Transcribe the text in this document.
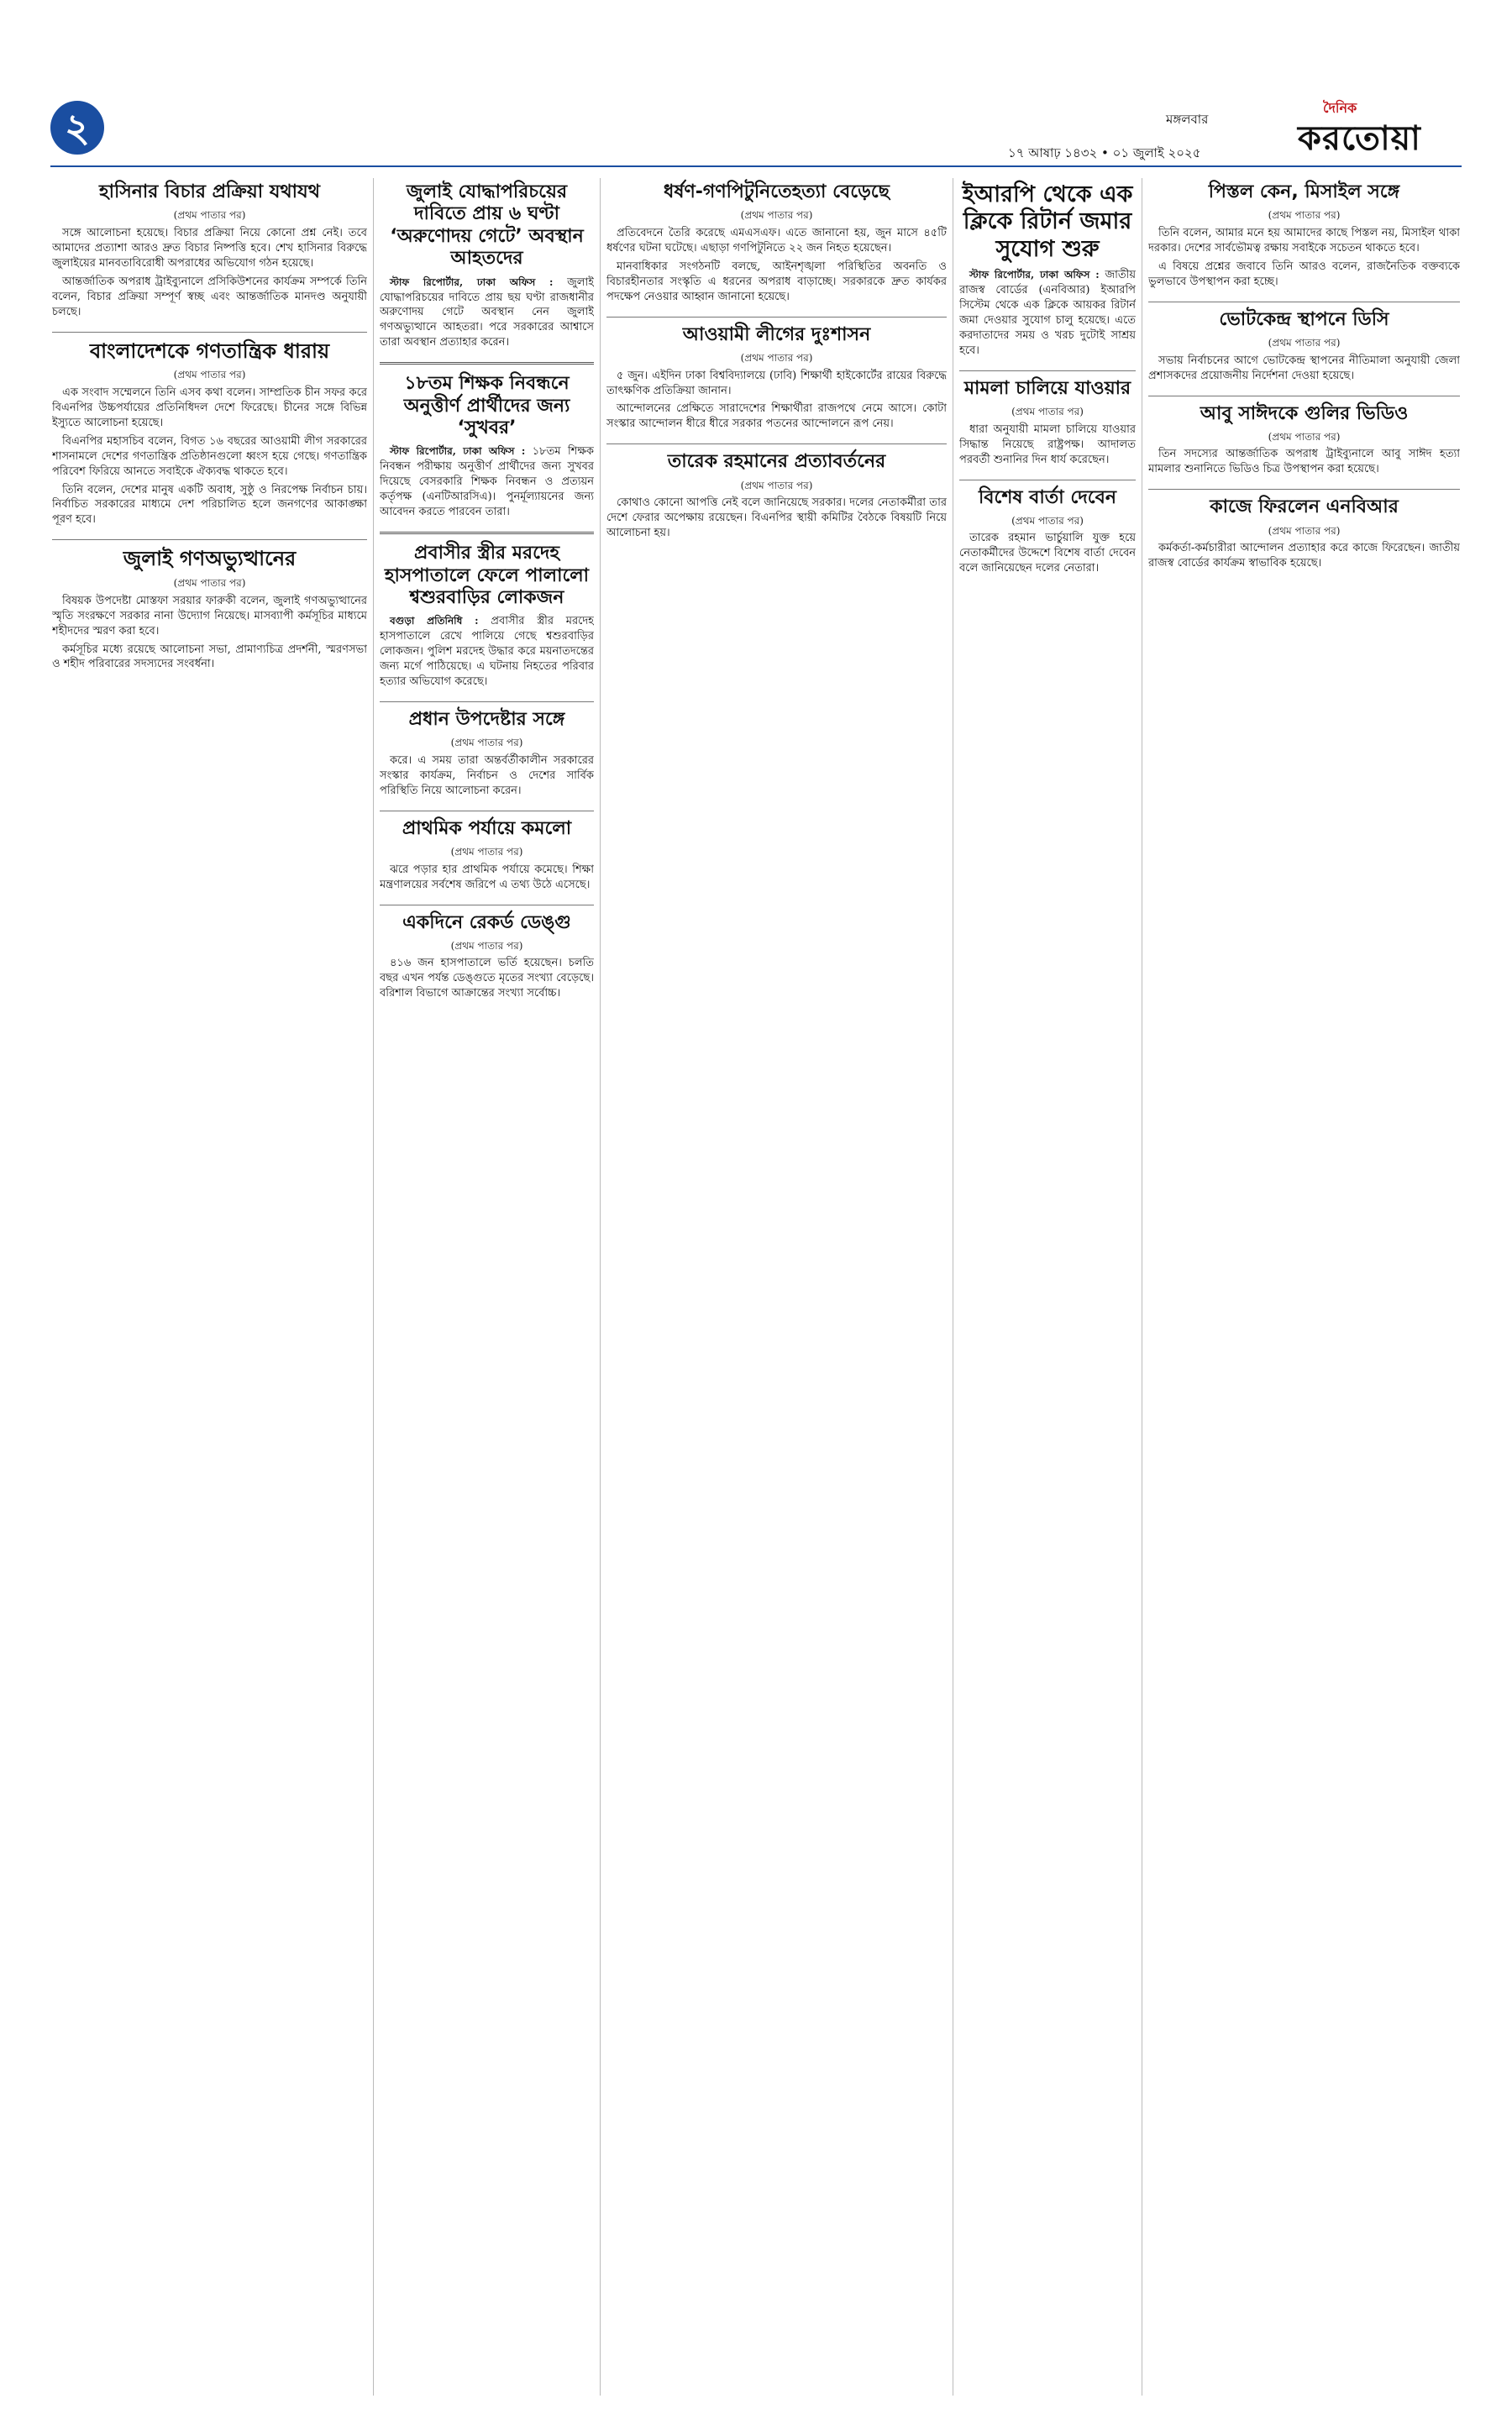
২	মঙ্গলবার
দৈনিক
করতোয়া
১৭ আষাঢ় ১৪৩২ • ০১ জুলাই ২০২৫
হাসিনার বিচার প্রক্রিয়া যথাযথ
(প্রথম পাতার পর)

সঙ্গে আলোচনা হয়েছে। বিচার প্রক্রিয়া নিয়ে কোনো প্রশ্ন নেই। তবে আমাদের প্রত্যাশা আরও দ্রুত বিচার নিষ্পত্তি হবে। শেখ হাসিনার বিরুদ্ধে জুলাইয়ের মানবতাবিরোধী অপরাধের অভিযোগ গঠন হয়েছে।

আন্তর্জাতিক অপরাধ ট্রাইব্যুনালে প্রসিকিউশনের কার্যক্রম সম্পর্কে তিনি বলেন, বিচার প্রক্রিয়া সম্পূর্ণ স্বচ্ছ এবং আন্তর্জাতিক মানদণ্ড অনুযায়ী চলছে।

বাংলাদেশকে গণতান্ত্রিক ধারায়
(প্রথম পাতার পর)

এক সংবাদ সম্মেলনে তিনি এসব কথা বলেন। সাম্প্রতিক চীন সফর করে বিএনপির উচ্চপর্যায়ের প্রতিনিধিদল দেশে ফিরেছে। চীনের সঙ্গে বিভিন্ন ইস্যুতে আলোচনা হয়েছে।

বিএনপির মহাসচিব বলেন, বিগত ১৬ বছরের আওয়ামী লীগ সরকারের শাসনামলে দেশের গণতান্ত্রিক প্রতিষ্ঠানগুলো ধ্বংস হয়ে গেছে। গণতান্ত্রিক পরিবেশ ফিরিয়ে আনতে সবাইকে ঐক্যবদ্ধ থাকতে হবে।

তিনি বলেন, দেশের মানুষ একটি অবাধ, সুষ্ঠু ও নিরপেক্ষ নির্বাচন চায়। নির্বাচিত সরকারের মাধ্যমে দেশ পরিচালিত হলে জনগণের আকাঙ্ক্ষা পূরণ হবে।

জুলাই গণঅভ্যুত্থানের
(প্রথম পাতার পর)

বিষয়ক উপদেষ্টা মোস্তফা সরয়ার ফারুকী বলেন, জুলাই গণঅভ্যুত্থানের স্মৃতি সংরক্ষণে সরকার নানা উদ্যোগ নিয়েছে। মাসব্যাপী কর্মসূচির মাধ্যমে শহীদদের স্মরণ করা হবে।

কর্মসূচির মধ্যে রয়েছে আলোচনা সভা, প্রামাণ্যচিত্র প্রদর্শনী, স্মরণসভা ও শহীদ পরিবারের সদস্যদের সংবর্ধনা।

জুলাই যোদ্ধাপরিচয়ের দাবিতে প্রায় ৬ ঘণ্টা ‘অরুণোদয় গেটে’ অবস্থান আহতদের

স্টাফ রিপোর্টার, ঢাকা অফিস : জুলাই যোদ্ধাপরিচয়ের দাবিতে প্রায় ছয় ঘণ্টা রাজধানীর অরুণোদয় গেটে অবস্থান নেন জুলাই গণঅভ্যুত্থানে আহতরা। পরে সরকারের আশ্বাসে তারা অবস্থান প্রত্যাহার করেন।

১৮তম শিক্ষক নিবন্ধনে অনুত্তীর্ণ প্রার্থীদের জন্য ‘সুখবর’

স্টাফ রিপোর্টার, ঢাকা অফিস : ১৮তম শিক্ষক নিবন্ধন পরীক্ষায় অনুত্তীর্ণ প্রার্থীদের জন্য সুখবর দিয়েছে বেসরকারি শিক্ষক নিবন্ধন ও প্রত্যয়ন কর্তৃপক্ষ (এনটিআরসিএ)। পুনর্মূল্যায়নের জন্য আবেদন করতে পারবেন তারা।

প্রবাসীর স্ত্রীর মরদেহ হাসপাতালে ফেলে পালালো শ্বশুরবাড়ির লোকজন

বগুড়া প্রতিনিধি : প্রবাসীর স্ত্রীর মরদেহ হাসপাতালে রেখে পালিয়ে গেছে শ্বশুরবাড়ির লোকজন। পুলিশ মরদেহ উদ্ধার করে ময়নাতদন্তের জন্য মর্গে পাঠিয়েছে। এ ঘটনায় নিহতের পরিবার হত্যার অভিযোগ করেছে।

প্রধান উপদেষ্টার সঙ্গে
(প্রথম পাতার পর)

করে। এ সময় তারা অন্তর্বর্তীকালীন সরকারের সংস্কার কার্যক্রম, নির্বাচন ও দেশের সার্বিক পরিস্থিতি নিয়ে আলোচনা করেন।

প্রাথমিক পর্যায়ে কমলো
(প্রথম পাতার পর)

ঝরে পড়ার হার প্রাথমিক পর্যায়ে কমেছে। শিক্ষা মন্ত্রণালয়ের সর্বশেষ জরিপে এ তথ্য উঠে এসেছে।

একদিনে রেকর্ড ডেঙ্গু
(প্রথম পাতার পর)

৪১৬ জন হাসপাতালে ভর্তি হয়েছেন। চলতি বছর এখন পর্যন্ত ডেঙ্গুতে মৃতের সংখ্যা বেড়েছে। বরিশাল বিভাগে আক্রান্তের সংখ্যা সর্বোচ্চ।

ধর্ষণ-গণপিটুনিতেহত্যা বেড়েছে
(প্রথম পাতার পর)

প্রতিবেদনে তৈরি করেছে এমএসএফ। এতে জানানো হয়, জুন মাসে ৪৫টি ধর্ষণের ঘটনা ঘটেছে। এছাড়া গণপিটুনিতে ২২ জন নিহত হয়েছেন।

মানবাধিকার সংগঠনটি বলছে, আইনশৃঙ্খলা পরিস্থিতির অবনতি ও বিচারহীনতার সংস্কৃতি এ ধরনের অপরাধ বাড়াচ্ছে। সরকারকে দ্রুত কার্যকর পদক্ষেপ নেওয়ার আহ্বান জানানো হয়েছে।

আওয়ামী লীগের দুঃশাসন
(প্রথম পাতার পর)

৫ জুন। এইদিন ঢাকা বিশ্ববিদ্যালয়ে (ঢাবি) শিক্ষার্থী হাইকোর্টের রায়ের বিরুদ্ধে তাৎক্ষণিক প্রতিক্রিয়া জানান।

আন্দোলনের প্রেক্ষিতে সারাদেশের শিক্ষার্থীরা রাজপথে নেমে আসে। কোটা সংস্কার আন্দোলন ধীরে ধীরে সরকার পতনের আন্দোলনে রূপ নেয়।

তারেক রহমানের প্রত্যাবর্তনের
(প্রথম পাতার পর)

কোথাও কোনো আপত্তি নেই বলে জানিয়েছে সরকার। দলের নেতাকর্মীরা তার দেশে ফেরার অপেক্ষায় রয়েছেন। বিএনপির স্থায়ী কমিটির বৈঠকে বিষয়টি নিয়ে আলোচনা হয়।

ইআরপি থেকে এক ক্লিকে রিটার্ন জমার সুযোগ শুরু

স্টাফ রিপোর্টার, ঢাকা অফিস : জাতীয় রাজস্ব বোর্ডের (এনবিআর) ইআরপি সিস্টেম থেকে এক ক্লিকে আয়কর রিটার্ন জমা দেওয়ার সুযোগ চালু হয়েছে। এতে করদাতাদের সময় ও খরচ দুটোই সাশ্রয় হবে।

মামলা চালিয়ে যাওয়ার
(প্রথম পাতার পর)

ধারা অনুযায়ী মামলা চালিয়ে যাওয়ার সিদ্ধান্ত নিয়েছে রাষ্ট্রপক্ষ। আদালত পরবর্তী শুনানির দিন ধার্য করেছেন।

বিশেষ বার্তা দেবেন
(প্রথম পাতার পর)

তারেক রহমান ভার্চুয়ালি যুক্ত হয়ে নেতাকর্মীদের উদ্দেশে বিশেষ বার্তা দেবেন বলে জানিয়েছেন দলের নেতারা।

পিস্তল কেন, মিসাইল সঙ্গে
(প্রথম পাতার পর)

তিনি বলেন, আমার মনে হয় আমাদের কাছে পিস্তল নয়, মিসাইল থাকা দরকার। দেশের সার্বভৌমত্ব রক্ষায় সবাইকে সচেতন থাকতে হবে।

এ বিষয়ে প্রশ্নের জবাবে তিনি আরও বলেন, রাজনৈতিক বক্তব্যকে ভুলভাবে উপস্থাপন করা হচ্ছে।

ভোটকেন্দ্র স্থাপনে ডিসি
(প্রথম পাতার পর)

সভায় নির্বাচনের আগে ভোটকেন্দ্র স্থাপনের নীতিমালা অনুযায়ী জেলা প্রশাসকদের প্রয়োজনীয় নির্দেশনা দেওয়া হয়েছে।

আবু সাঈদকে গুলির ভিডিও
(প্রথম পাতার পর)

তিন সদস্যের আন্তর্জাতিক অপরাধ ট্রাইব্যুনালে আবু সাঈদ হত্যা মামলার শুনানিতে ভিডিও চিত্র উপস্থাপন করা হয়েছে।

কাজে ফিরলেন এনবিআর
(প্রথম পাতার পর)

কর্মকর্তা-কর্মচারীরা আন্দোলন প্রত্যাহার করে কাজে ফিরেছেন। জাতীয় রাজস্ব বোর্ডের কার্যক্রম স্বাভাবিক হয়েছে।
